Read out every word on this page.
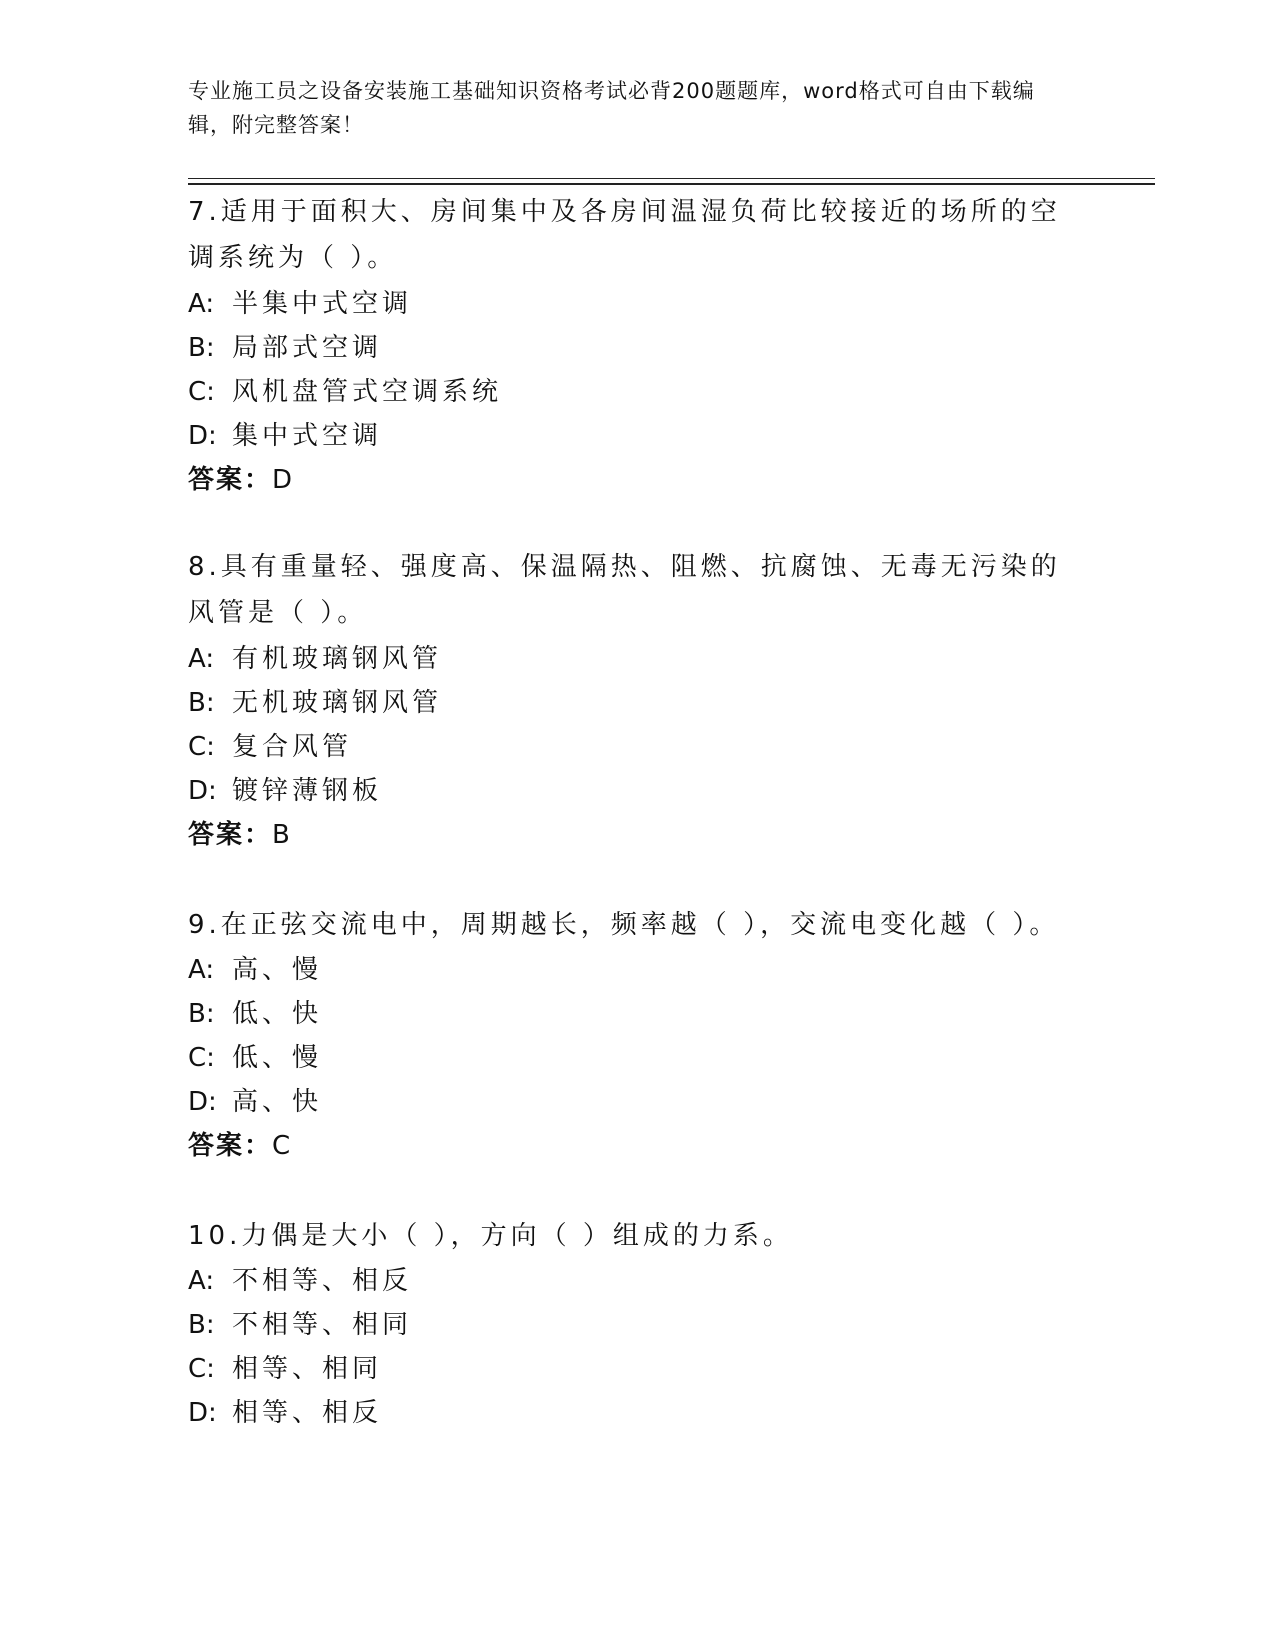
专业施工员之设备安装施工基础知识资格考试必背200题题库，word格式可自由下载编辑，附完整答案！
7.适用于面积大、房间集中及各房间温湿负荷比较接近的场所的空调系统为（ ）。
A: 半集中式空调
B: 局部式空调
C: 风机盘管式空调系统
D: 集中式空调
答案：D
8.具有重量轻、强度高、保温隔热、阻燃、抗腐蚀、无毒无污染的风管是（ ）。
A: 有机玻璃钢风管
B: 无机玻璃钢风管
C: 复合风管
D: 镀锌薄钢板
答案：B
9.在正弦交流电中，周期越长，频率越（ ），交流电变化越（ ）。
A: 高、慢
B: 低、快
C: 低、慢
D: 高、快
答案：C
10.力偶是大小（ ），方向（ ）组成的力系。
A: 不相等、相反
B: 不相等、相同
C: 相等、相同
D: 相等、相反
